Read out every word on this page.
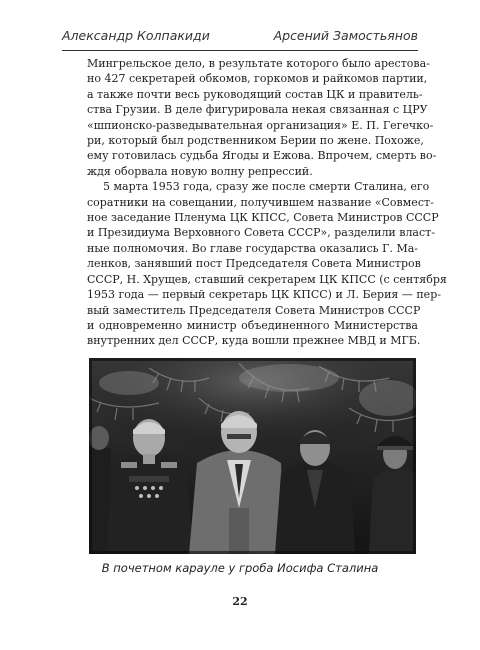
Александр Колпакиди	Арсений Замостьянов
Мингрельское дело, в результате которого было арестова-
но 427 секретарей обкомов, горкомов и райкомов партии,
а также почти весь руководящий состав ЦК и правитель-
ства Грузии. В деле фигурировала некая связанная с ЦРУ
«шпионско-разведывательная организация» Е. П. Гегечко-
ри, который был родственником Берии по жене. Похоже,
ему готовилась судьба Ягоды и Ежова. Впрочем, смерть во-
ждя оборвала новую волну репрессий.
5 марта 1953 года, сразу же после смерти Сталина, его
соратники на совещании, получившем название «Совмест-
ное заседание Пленума ЦК КПСС, Совета Министров СССР
и Президиума Верховного Совета СССР», разделили власт-
ные полномочия. Во главе государства оказались Г. Ма-
ленков, занявший пост Председателя Совета Министров
СССР, Н. Хрущев, ставший секретарем ЦК КПСС (с сентября
1953 года — первый секретарь ЦК КПСС) и Л. Берия — пер-
вый заместитель Председателя Совета Министров СССР
и одновременно министр объединенного Министерства
внутренних дел СССР, куда вошли прежнее МВД и МГБ.
В почетном карауле у гроба Иосифа Сталина
22
